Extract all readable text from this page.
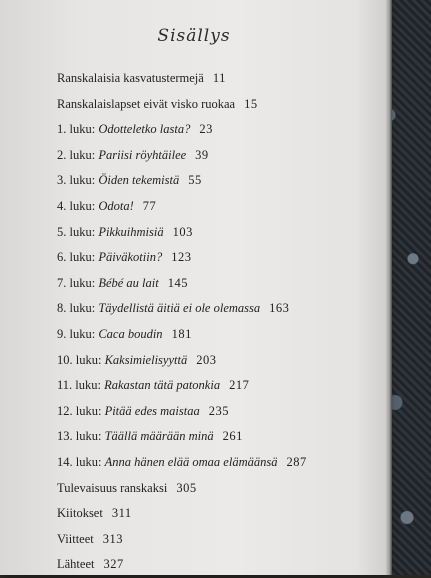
Sisällys
Ranskalaisia kasvatustermejä 11
Ranskalaislapset eivät visko ruokaa 15
1. luku: Odotteletko lasta? 23
2. luku: Pariisi röyhtäilee 39
3. luku: Öiden tekemistä 55
4. luku: Odota! 77
5. luku: Pikkuihmisiä 103
6. luku: Päiväkotiin? 123
7. luku: Bébé au lait 145
8. luku: Täydellistä äitiä ei ole olemassa 163
9. luku: Caca boudin 181
10. luku: Kaksimielisyyttä 203
11. luku: Rakastan tätä patonkia 217
12. luku: Pitää edes maistaa 235
13. luku: Täällä määrään minä 261
14. luku: Anna hänen elää omaa elämäänsä 287
Tulevaisuus ranskaksi 305
Kiitokset 311
Viitteet 313
Lähteet 327
